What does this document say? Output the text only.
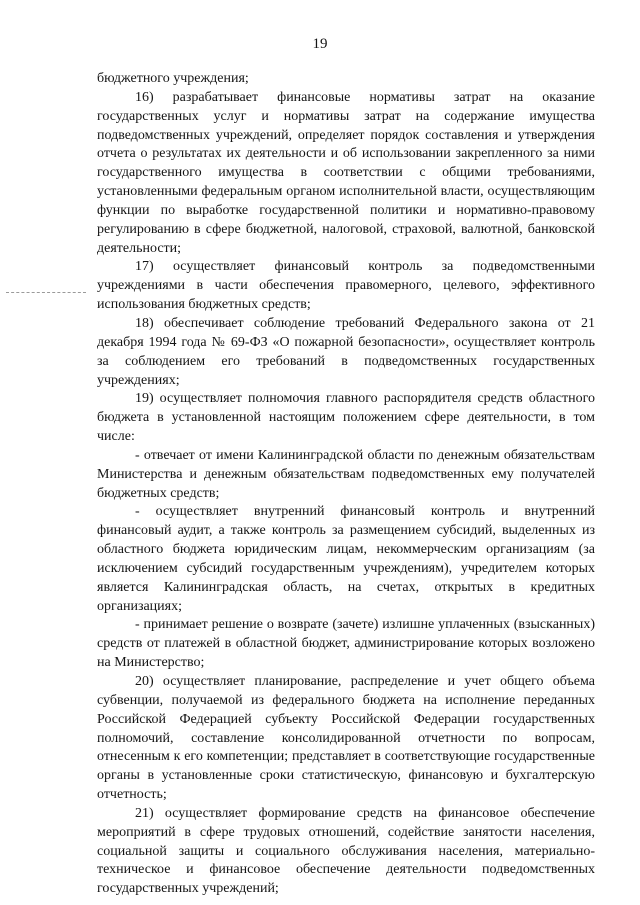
19

бюджетного учреждения;

16) разрабатывает финансовые нормативы затрат на оказание государственных услуг и нормативы затрат на содержание имущества подведомственных учреждений, определяет порядок составления и утверждения отчета о результатах их деятельности и об использовании закрепленного за ними государственного имущества в соответствии с общими требованиями, установленными федеральным органом исполнительной власти, осуществляющим функции по выработке государственной политики и нормативно-правовому регулированию в сфере бюджетной, налоговой, страховой, валютной, банковской деятельности;

17) осуществляет финансовый контроль за подведомственными учреждениями в части обеспечения правомерного, целевого, эффективного использования бюджетных средств;

18) обеспечивает соблюдение требований Федерального закона от 21 декабря 1994 года № 69-ФЗ «О пожарной безопасности», осуществляет контроль за соблюдением его требований в подведомственных государственных учреждениях;

19) осуществляет полномочия главного распорядителя средств областного бюджета в установленной настоящим положением сфере деятельности, в том числе:

- отвечает от имени Калининградской области по денежным обязательствам Министерства и денежным обязательствам подведомственных ему получателей бюджетных средств;

- осуществляет внутренний финансовый контроль и внутренний финансовый аудит, а также контроль за размещением субсидий, выделенных из областного бюджета юридическим лицам, некоммерческим организациям (за исключением субсидий государственным учреждениям), учредителем которых является Калининградская область, на счетах, открытых в кредитных организациях;

- принимает решение о возврате (зачете) излишне уплаченных (взысканных) средств от платежей в областной бюджет, администрирование которых возложено на Министерство;

20) осуществляет планирование, распределение и учет общего объема субвенции, получаемой из федерального бюджета на исполнение переданных Российской Федерацией субъекту Российской Федерации государственных полномочий, составление консолидированной отчетности по вопросам, отнесенным к его компетенции; представляет в соответствующие государственные органы в установленные сроки статистическую, финансовую и бухгалтерскую отчетность;

21) осуществляет формирование средств на финансовое обеспечение мероприятий в сфере трудовых отношений, содействие занятости населения, социальной защиты и социального обслуживания населения, материально-техническое и финансовое обеспечение деятельности подведомственных государственных учреждений;
